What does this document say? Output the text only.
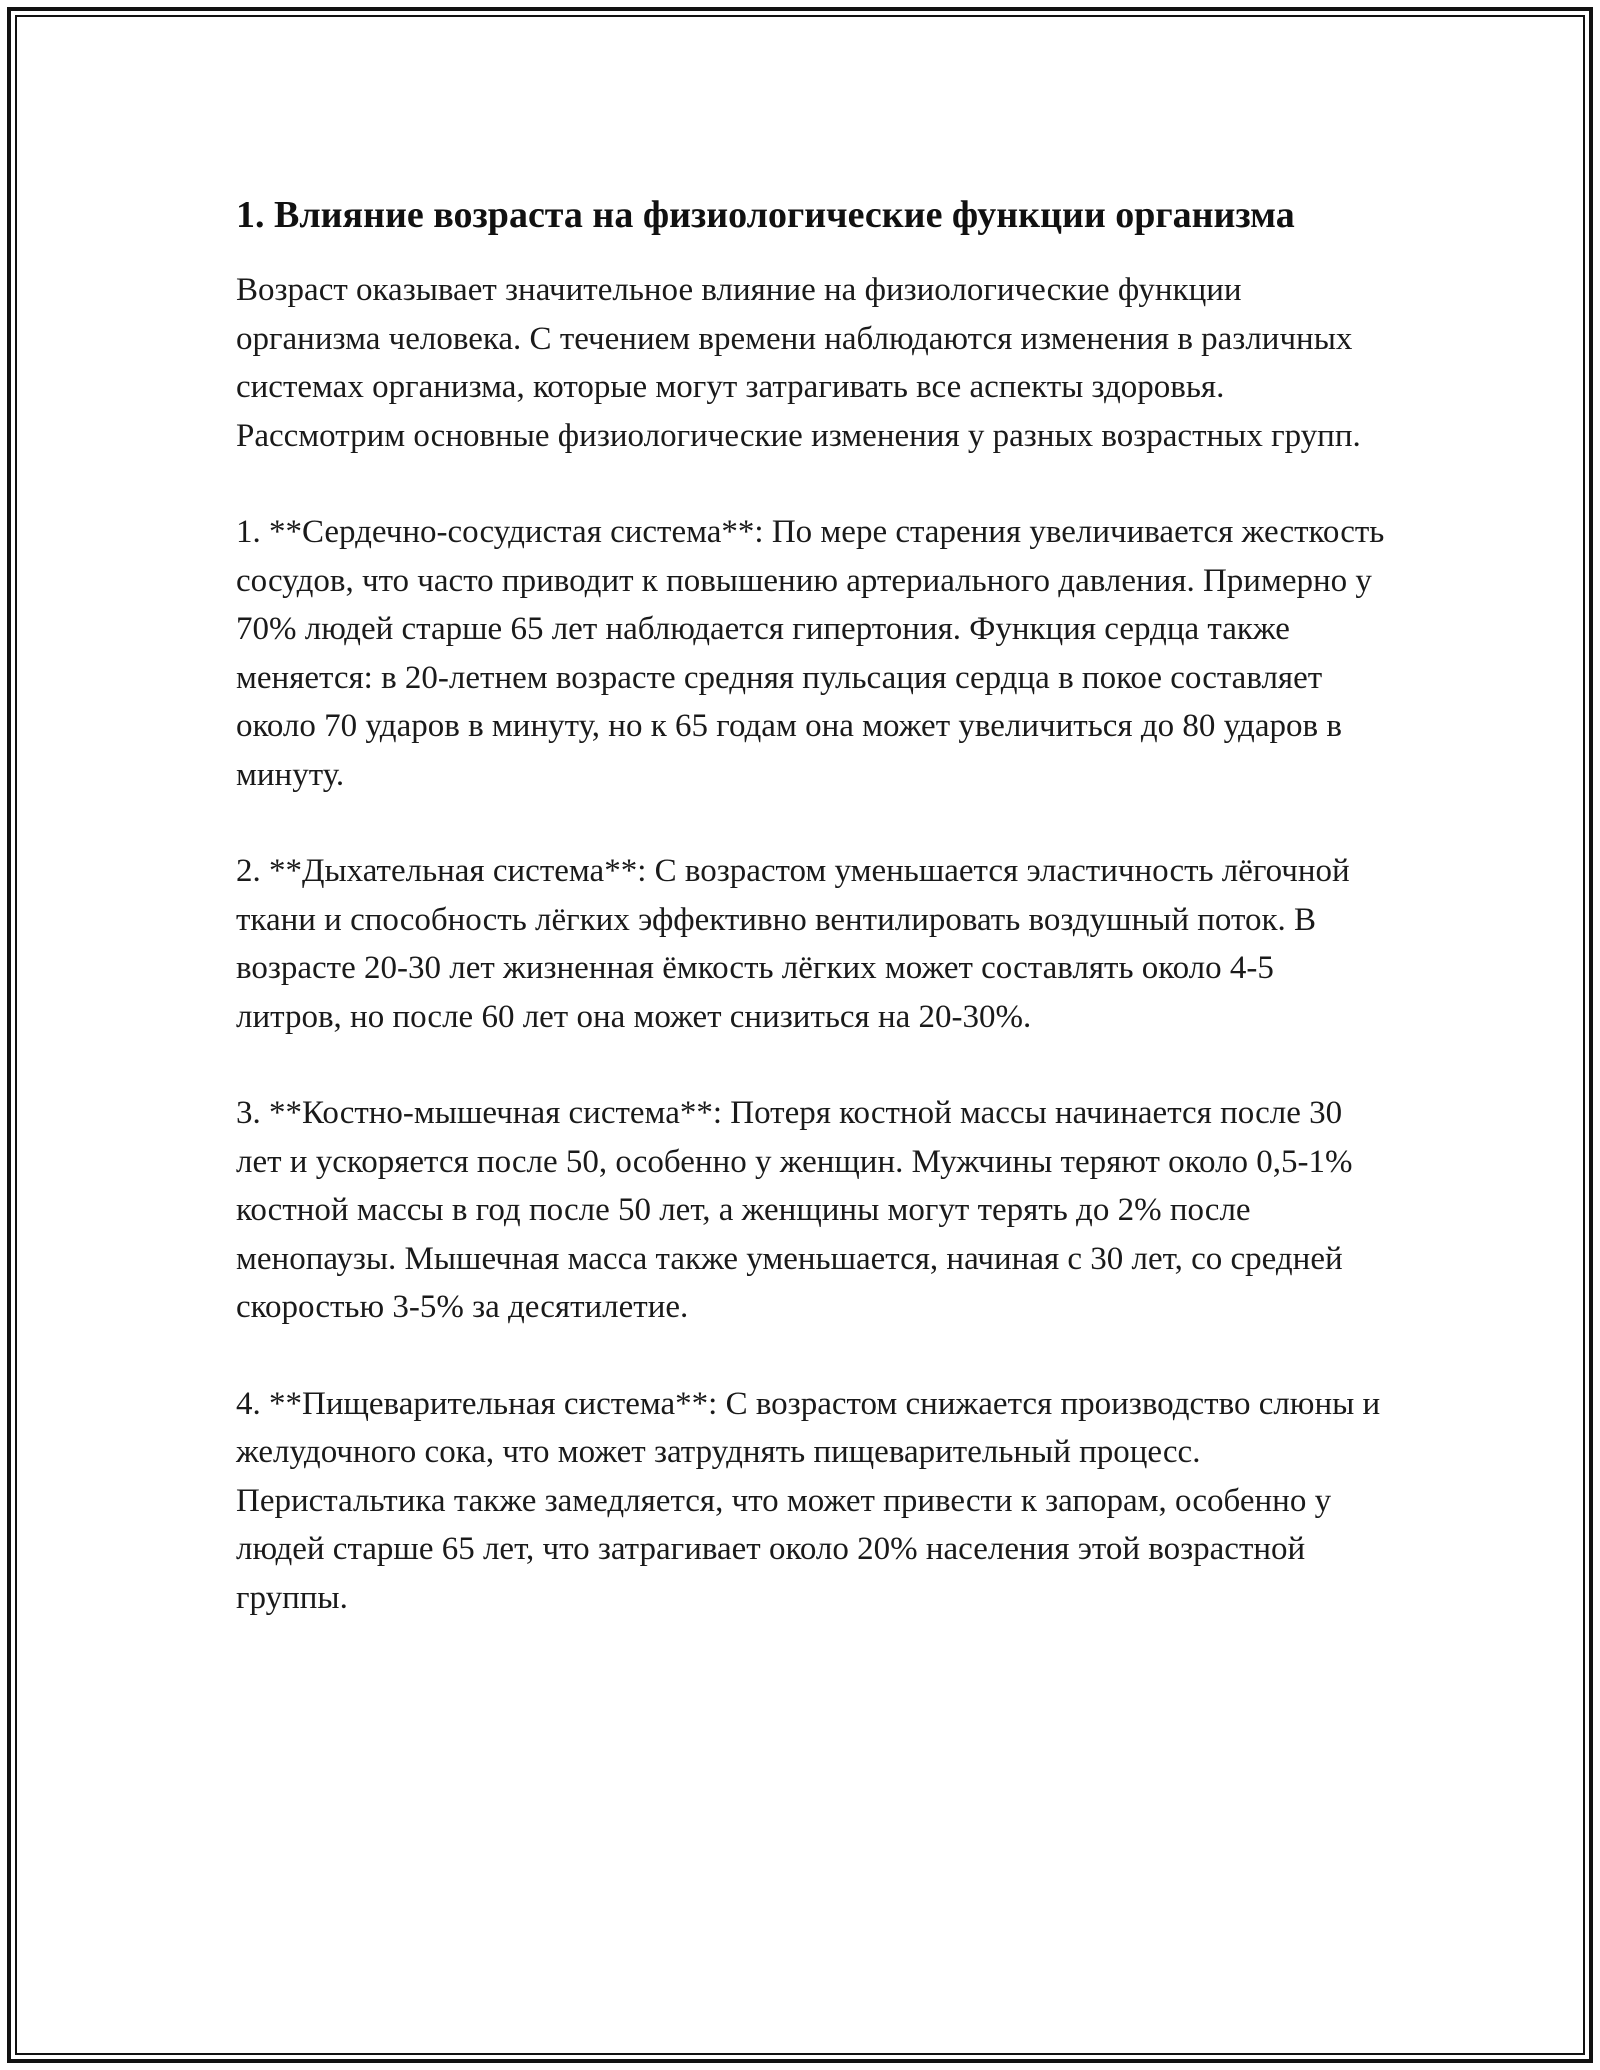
1. Влияние возраста на физиологические функции организма

Возраст оказывает значительное влияние на физиологические функции организма человека. С течением времени наблюдаются изменения в различных системах организма, которые могут затрагивать все аспекты здоровья. Рассмотрим основные физиологические изменения у разных возрастных групп.

1. **Сердечно-сосудистая система**: По мере старения увеличивается жесткость сосудов, что часто приводит к повышению артериального давления. Примерно у 70% людей старше 65 лет наблюдается гипертония. Функция сердца также меняется: в 20-летнем возрасте средняя пульсация сердца в покое составляет около 70 ударов в минуту, но к 65 годам она может увеличиться до 80 ударов в минуту.

2. **Дыхательная система**: С возрастом уменьшается эластичность лёгочной ткани и способность лёгких эффективно вентилировать воздушный поток. В возрасте 20-30 лет жизненная ёмкость лёгких может составлять около 4-5 литров, но после 60 лет она может снизиться на 20-30%.

3. **Костно-мышечная система**: Потеря костной массы начинается после 30 лет и ускоряется после 50, особенно у женщин. Мужчины теряют около 0,5-1% костной массы в год после 50 лет, а женщины могут терять до 2% после менопаузы. Мышечная масса также уменьшается, начиная с 30 лет, со средней скоростью 3-5% за десятилетие.

4. **Пищеварительная система**: С возрастом снижается производство слюны и желудочного сока, что может затруднять пищеварительный процесс. Перистальтика также замедляется, что может привести к запорам, особенно у людей старше 65 лет, что затрагивает около 20% населения этой возрастной группы.
